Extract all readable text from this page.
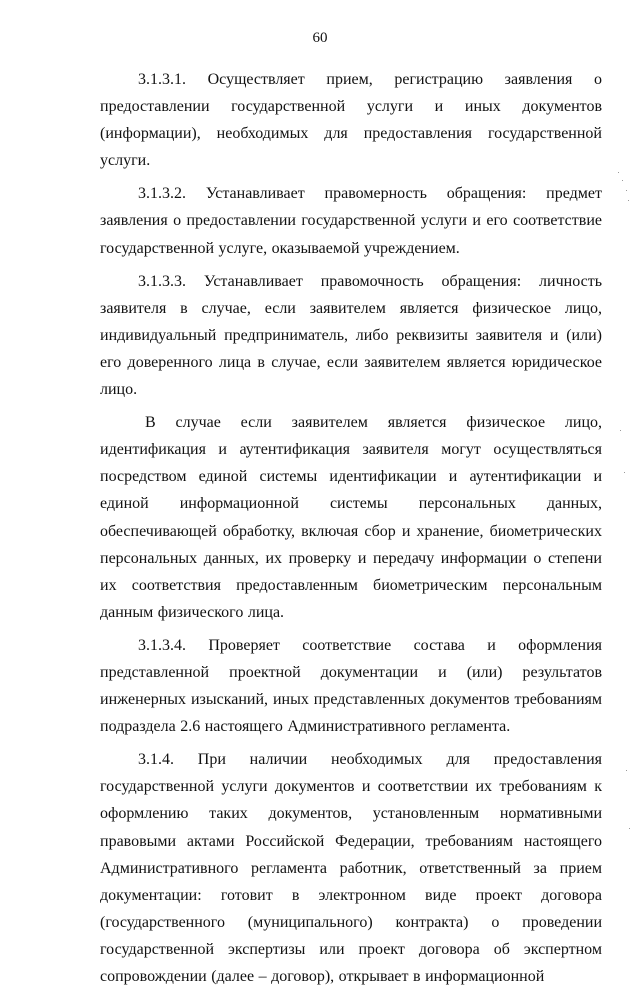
60

3.1.3.1. Осуществляет прием, регистрацию заявления о предоставлении государственной услуги и иных документов (информации), необходимых для предоставления государственной услуги.

3.1.3.2. Устанавливает правомерность обращения: предмет заявления о предоставлении государственной услуги и его соответствие государственной услуге, оказываемой учреждением.

3.1.3.3. Устанавливает правомочность обращения: личность заявителя в случае, если заявителем является физическое лицо, индивидуальный предприниматель, либо реквизиты заявителя и (или) его доверенного лица в случае, если заявителем является юридическое лицо.

В случае если заявителем является физическое лицо, идентификация и аутентификация заявителя могут осуществляться посредством единой системы идентификации и аутентификации и единой информационной системы персональных данных, обеспечивающей обработку, включая сбор и хранение, биометрических персональных данных, их проверку и передачу информации о степени их соответствия предоставленным биометрическим персональным данным физического лица.

3.1.3.4. Проверяет соответствие состава и оформления представленной проектной документации и (или) результатов инженерных изысканий, иных представленных документов требованиям подраздела 2.6 настоящего Административного регламента.

3.1.4. При наличии необходимых для предоставления государственной услуги документов и соответствии их требованиям к оформлению таких документов, установленным нормативными правовыми актами Российской Федерации, требованиям настоящего Административного регламента работник, ответственный за прием документации: готовит в электронном виде проект договора (государственного (муниципального) контракта) о проведении государственной экспертизы или проект договора об экспертном сопровождении (далее – договор), открывает в информационной
